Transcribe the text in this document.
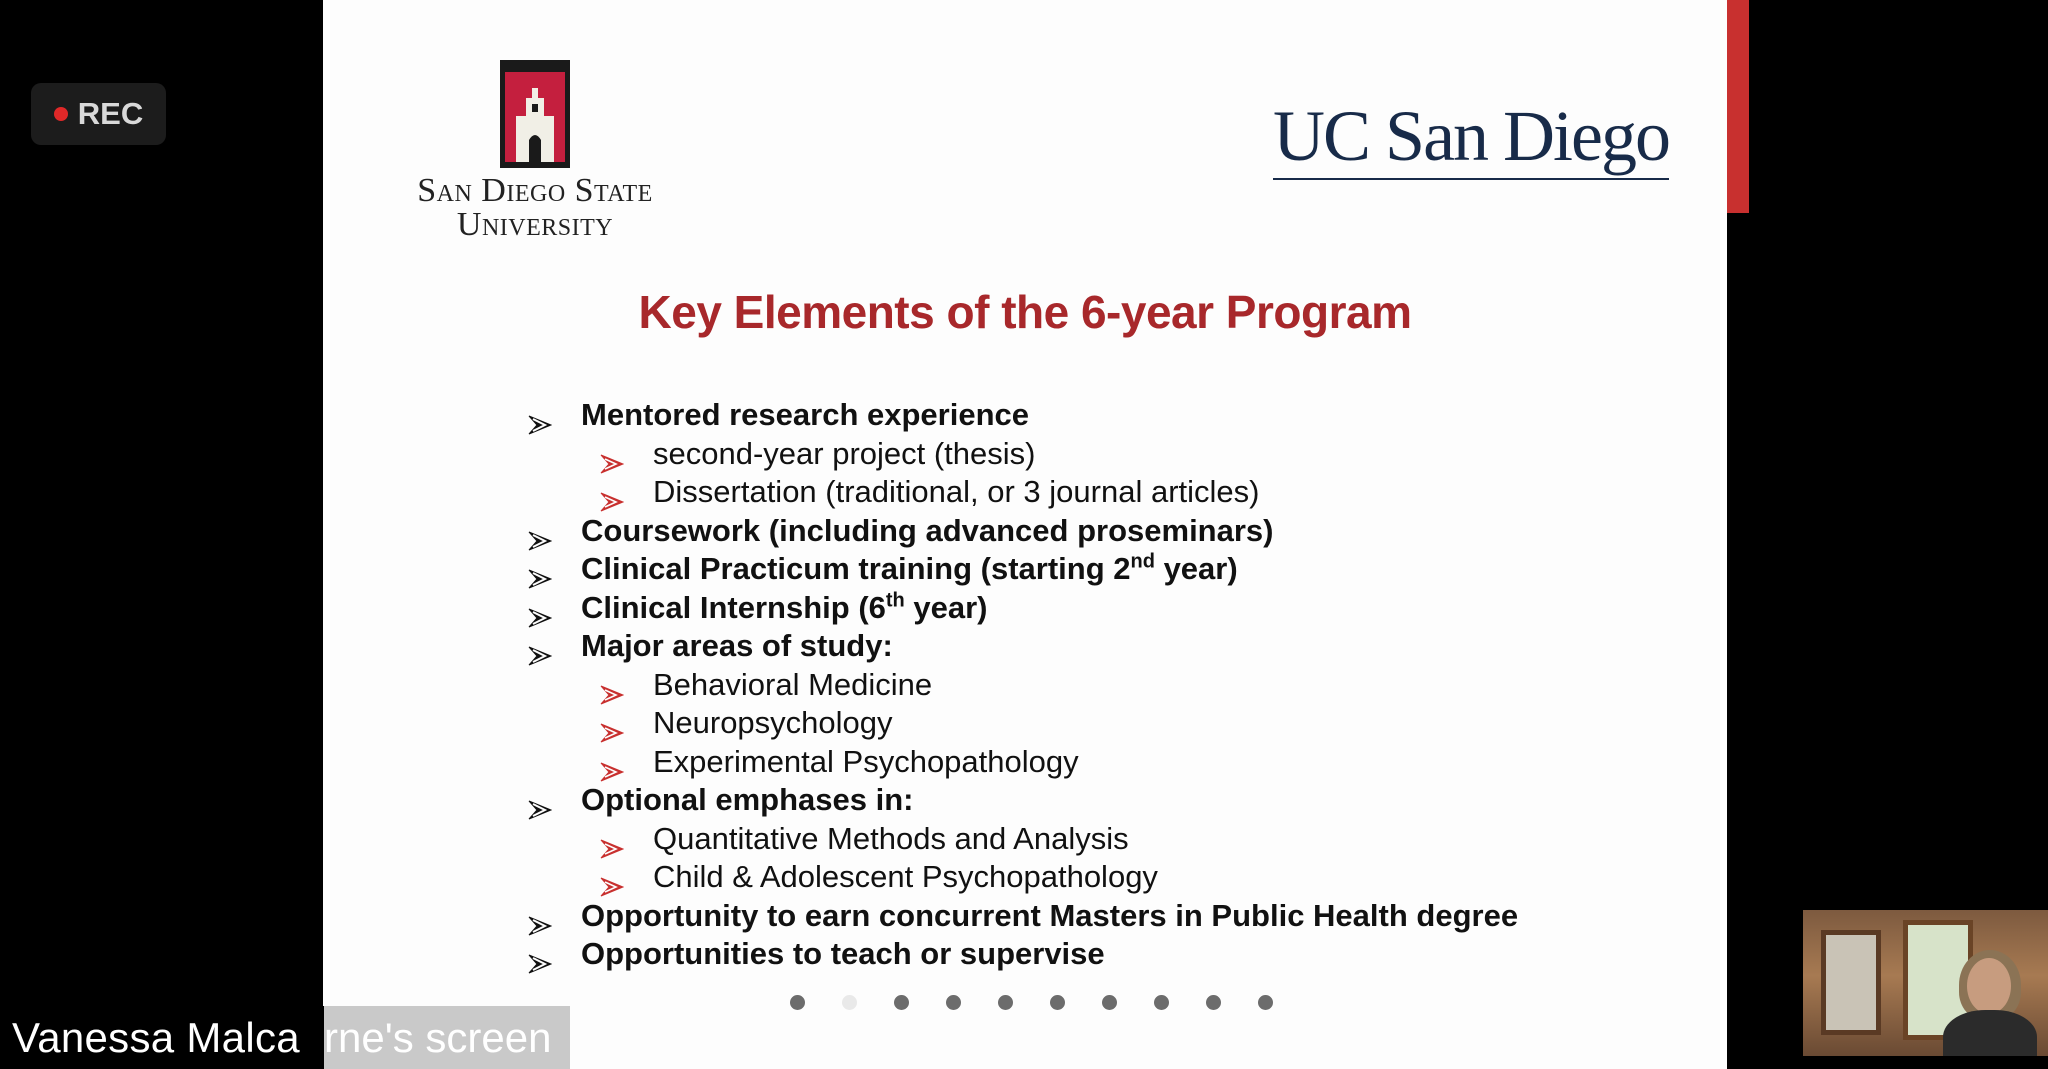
REC
San Diego State
University
UC San Diego
Key Elements of the 6-year Program
Mentored research experience
second-year project (thesis)
Dissertation (traditional, or 3 journal articles)
Coursework (including advanced proseminars)
Clinical Practicum training (starting 2nd year)
Clinical Internship (6th year)
Major areas of study:
Behavioral Medicine
Neuropsychology
Experimental Psychopathology
Optional emphases in:
Quantitative Methods and Analysis
Child & Adolescent Psychopathology
Opportunity to earn concurrent Masters in Public Health degree
Opportunities to teach or supervise
Vanessa Malca rne's screen
